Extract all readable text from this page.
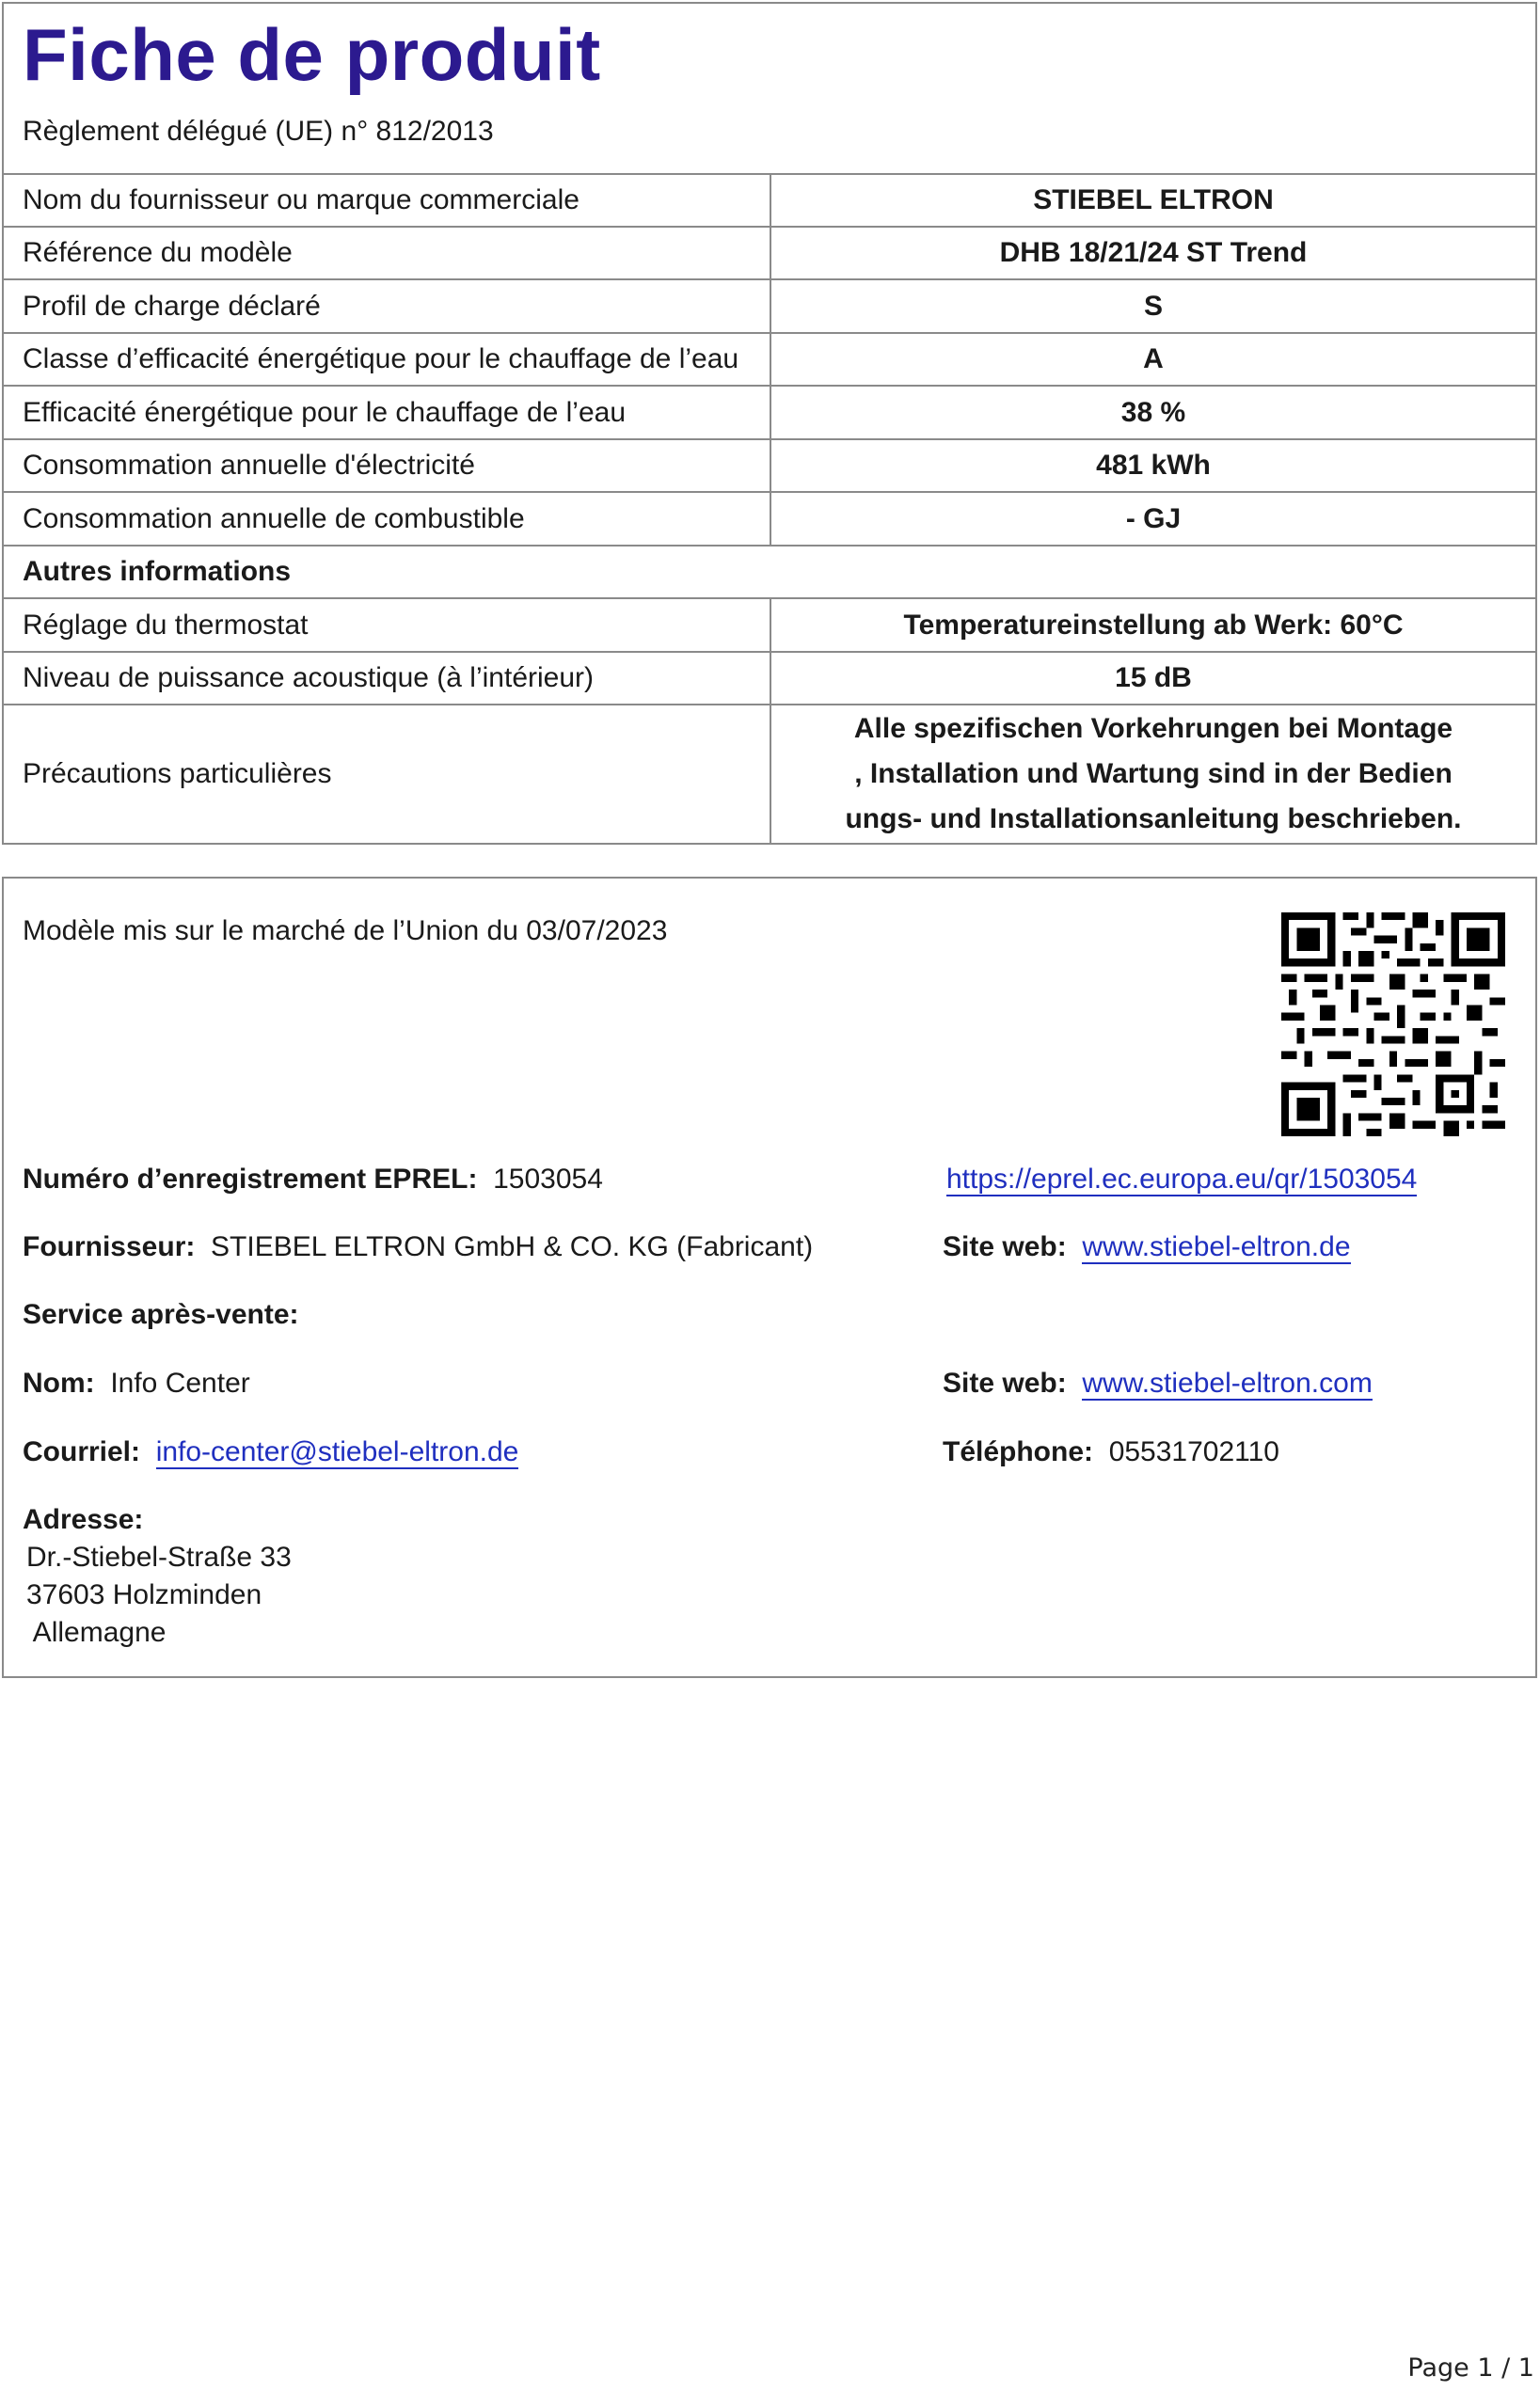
Fiche de produit
Règlement délégué (UE) n° 812/2013
Nom du fournisseur ou marque commerciale	STIEBEL ELTRON
Référence du modèle	DHB 18/21/24 ST Trend
Profil de charge déclaré	S
Classe d’efficacité énergétique pour le chauffage de l’eau	A
Efficacité énergétique pour le chauffage de l’eau	38 %
Consommation annuelle d'électricité	481 kWh
Consommation annuelle de combustible	- GJ
Autres informations
Réglage du thermostat	Temperatureinstellung ab Werk: 60°C
Niveau de puissance acoustique (à l’intérieur)	15 dB
Précautions particulières
Alle spezifischen Vorkehrungen bei Montage
, Installation und Wartung sind in der Bedien
ungs- und Installationsanleitung beschrieben.
Modèle mis sur le marché de l’Union du 03/07/2023
Numéro d’enregistrement EPREL: 1503054	https://eprel.ec.europa.eu/qr/1503054
Fournisseur: STIEBEL ELTRON GmbH & CO. KG (Fabricant)	Site web: www.stiebel-eltron.de
Service après-vente:
Nom: Info Center	Site web: www.stiebel-eltron.com
Courriel: info-center@stiebel-eltron.de	Téléphone: 05531702110
Adresse:
Dr.-Stiebel-Straße 33
37603 Holzminden
Allemagne
Page 1 / 1
